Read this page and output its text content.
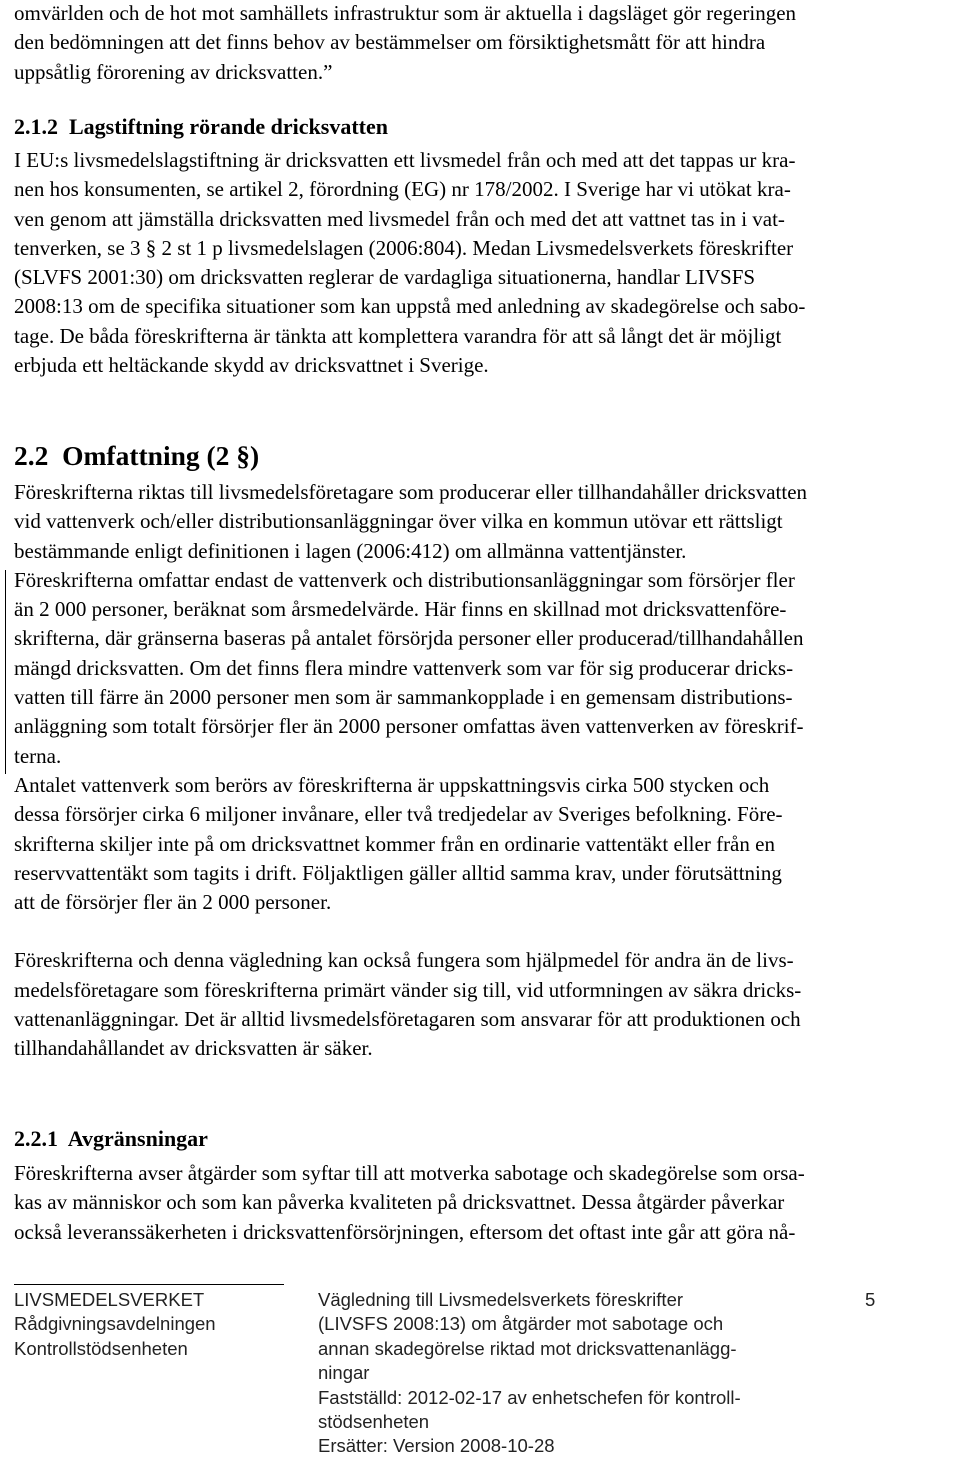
omvärlden och de hot mot samhällets infrastruktur som är aktuella i dagsläget gör regeringen
den bedömningen att det finns behov av bestämmelser om försiktighetsmått för att hindra
uppsåtlig förorening av dricksvatten.”

2.1.2  Lagstiftning rörande dricksvatten

I EU:s livsmedelslagstiftning är dricksvatten ett livsmedel från och med att det tappas ur kra-
nen hos konsumenten, se artikel 2, förordning (EG) nr 178/2002. I Sverige har vi utökat kra-
ven genom att jämställa dricksvatten med livsmedel från och med det att vattnet tas in i vat-
tenverken, se 3 § 2 st 1 p livsmedelslagen (2006:804). Medan Livsmedelsverkets föreskrifter
(SLVFS 2001:30) om dricksvatten reglerar de vardagliga situationerna, handlar LIVSFS
2008:13 om de specifika situationer som kan uppstå med anledning av skadegörelse och sabo-
tage. De båda föreskrifterna är tänkta att komplettera varandra för att så långt det är möjligt
erbjuda ett heltäckande skydd av dricksvattnet i Sverige.

2.2  Omfattning (2 §)

Föreskrifterna riktas till livsmedelsföretagare som producerar eller tillhandahåller dricksvatten
vid vattenverk och/eller distributionsanläggningar över vilka en kommun utövar ett rättsligt
bestämmande enligt definitionen i lagen (2006:412) om allmänna vattentjänster.

Föreskrifterna omfattar endast de vattenverk och distributionsanläggningar som försörjer fler
än 2 000 personer, beräknat som årsmedelvärde. Här finns en skillnad mot dricksvattenföre-
skrifterna, där gränserna baseras på antalet försörjda personer eller producerad/tillhandahållen
mängd dricksvatten. Om det finns flera mindre vattenverk som var för sig producerar dricks-
vatten till färre än 2000 personer men som är sammankopplade i en gemensam distributions-
anläggning som totalt försörjer fler än 2000 personer omfattas även vattenverken av föreskrif-
terna.

Antalet vattenverk som berörs av föreskrifterna är uppskattningsvis cirka 500 stycken och
dessa försörjer cirka 6 miljoner invånare, eller två tredjedelar av Sveriges befolkning. Före-
skrifterna skiljer inte på om dricksvattnet kommer från en ordinarie vattentäkt eller från en
reservvattentäkt som tagits i drift. Följaktligen gäller alltid samma krav, under förutsättning
att de försörjer fler än 2 000 personer.

Föreskrifterna och denna vägledning kan också fungera som hjälpmedel för andra än de livs-
medelsföretagare som föreskrifterna primärt vänder sig till, vid utformningen av säkra dricks-
vattenanläggningar. Det är alltid livsmedelsföretagaren som ansvarar för att produktionen och
tillhandahållandet av dricksvatten är säker.

2.2.1  Avgränsningar

Föreskrifterna avser åtgärder som syftar till att motverka sabotage och skadegörelse som orsa-
kas av människor och som kan påverka kvaliteten på dricksvattnet. Dessa åtgärder påverkar
också leveranssäkerheten i dricksvattenförsörjningen, eftersom det oftast inte går att göra nå-

LIVSMEDELSVERKET
Rådgivningsavdelningen
Kontrollstödsenheten
Vägledning till Livsmedelsverkets föreskrifter
(LIVSFS 2008:13) om åtgärder mot sabotage och
annan skadegörelse riktad mot dricksvattenanlägg-
ningar
Fastställd: 2012-02-17 av enhetschefen för kontroll-
stödsenheten
Ersätter: Version 2008-10-28
5
